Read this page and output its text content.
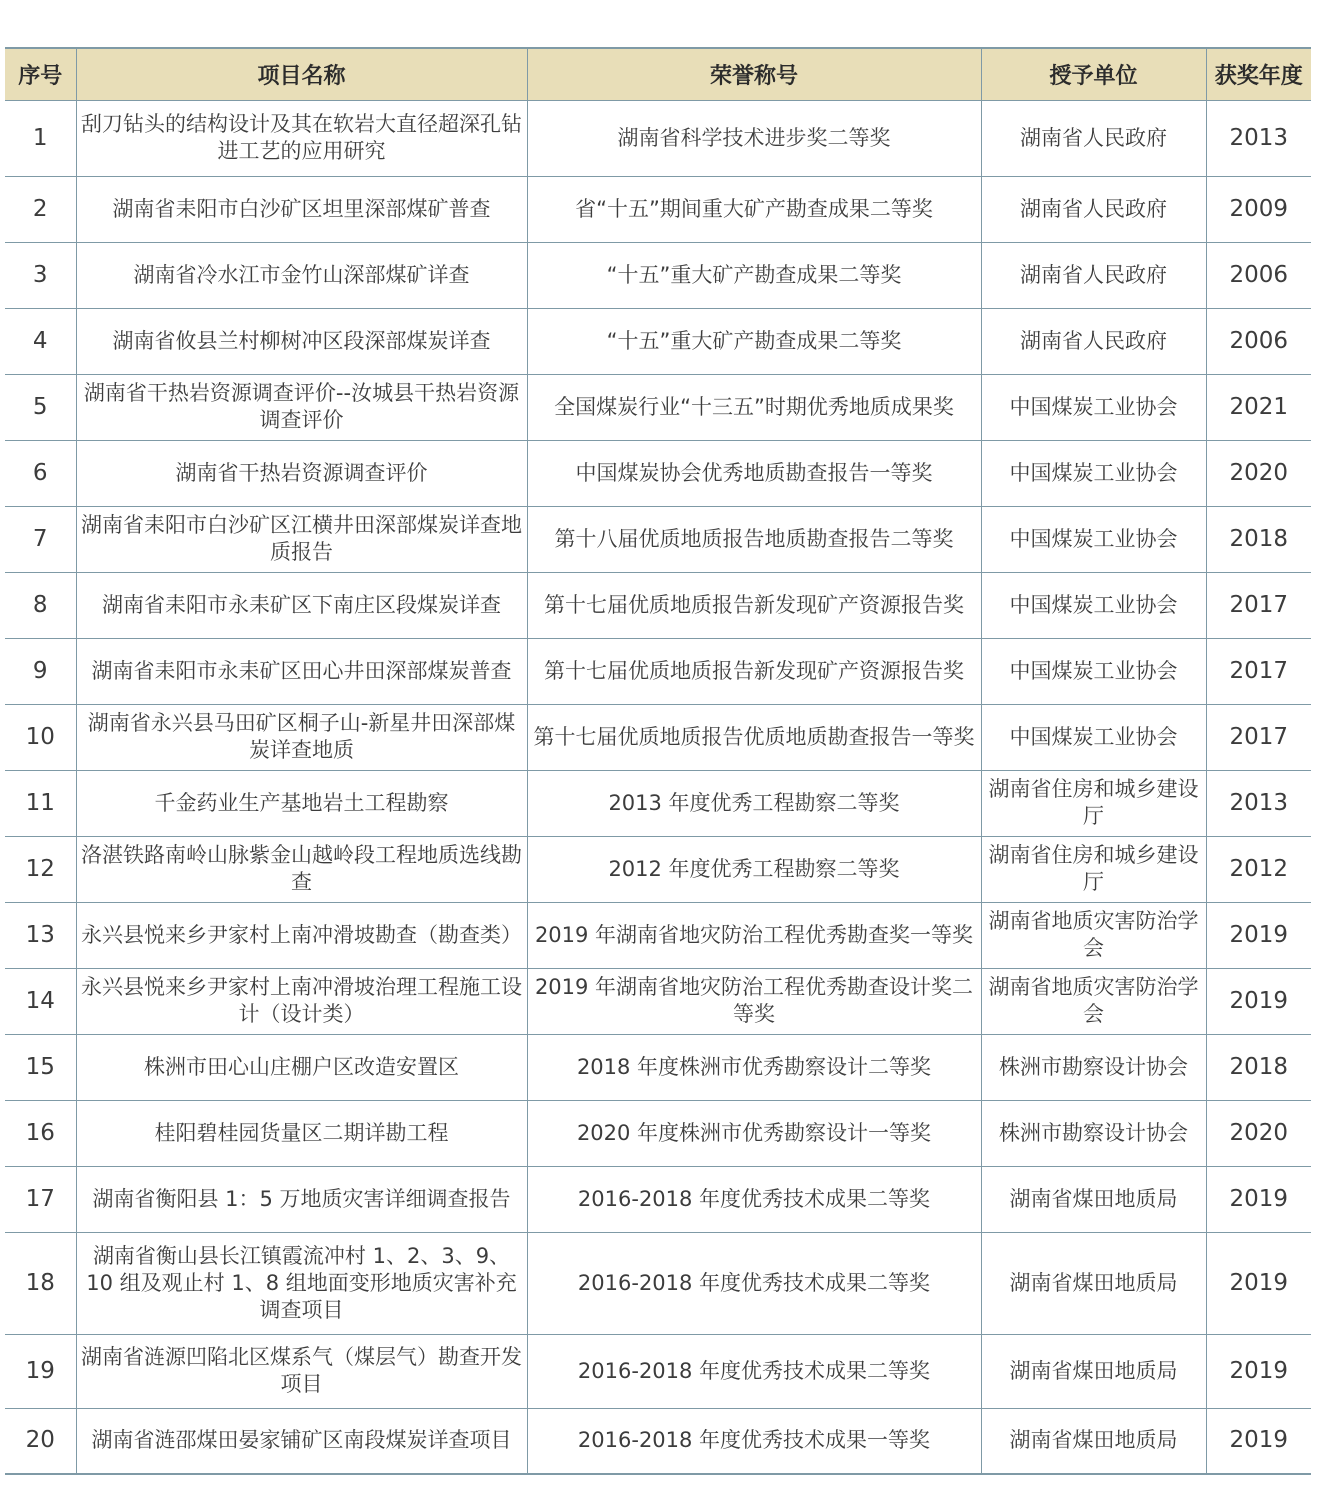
序号	项目名称	荣誉称号	授予单位	获奖年度
1	刮刀钻头的结构设计及其在软岩大直径超深孔钻进工艺的应用研究	湖南省科学技术进步奖二等奖	湖南省人民政府	2013
2	湖南省耒阳市白沙矿区坦里深部煤矿普查	省“十五”期间重大矿产勘查成果二等奖	湖南省人民政府	2009
3	湖南省冷水江市金竹山深部煤矿详查	“十五”重大矿产勘查成果二等奖	湖南省人民政府	2006
4	湖南省攸县兰村柳树冲区段深部煤炭详查	“十五”重大矿产勘查成果二等奖	湖南省人民政府	2006
5	湖南省干热岩资源调查评价--汝城县干热岩资源调查评价	全国煤炭行业“十三五”时期优秀地质成果奖	中国煤炭工业协会	2021
6	湖南省干热岩资源调查评价	中国煤炭协会优秀地质勘查报告一等奖	中国煤炭工业协会	2020
7	湖南省耒阳市白沙矿区江横井田深部煤炭详查地质报告	第十八届优质地质报告地质勘查报告二等奖	中国煤炭工业协会	2018
8	湖南省耒阳市永耒矿区下南庄区段煤炭详查	第十七届优质地质报告新发现矿产资源报告奖	中国煤炭工业协会	2017
9	湖南省耒阳市永耒矿区田心井田深部煤炭普查	第十七届优质地质报告新发现矿产资源报告奖	中国煤炭工业协会	2017
10	湖南省永兴县马田矿区桐子山-新星井田深部煤炭详查地质	第十七届优质地质报告优质地质勘查报告一等奖	中国煤炭工业协会	2017
11	千金药业生产基地岩土工程勘察	2013 年度优秀工程勘察二等奖	湖南省住房和城乡建设厅	2013
12	洛湛铁路南岭山脉紫金山越岭段工程地质选线勘查	2012 年度优秀工程勘察二等奖	湖南省住房和城乡建设厅	2012
13	永兴县悦来乡尹家村上南冲滑坡勘查（勘查类）	2019 年湖南省地灾防治工程优秀勘查奖一等奖	湖南省地质灾害防治学会	2019
14	永兴县悦来乡尹家村上南冲滑坡治理工程施工设计（设计类）	2019 年湖南省地灾防治工程优秀勘查设计奖二等奖	湖南省地质灾害防治学会	2019
15	株洲市田心山庄棚户区改造安置区	2018 年度株洲市优秀勘察设计二等奖	株洲市勘察设计协会	2018
16	桂阳碧桂园货量区二期详勘工程	2020 年度株洲市优秀勘察设计一等奖	株洲市勘察设计协会	2020
17	湖南省衡阳县 1：5 万地质灾害详细调查报告	2016-2018 年度优秀技术成果二等奖	湖南省煤田地质局	2019
18	湖南省衡山县长江镇霞流冲村 1、2、3、9、10 组及观止村 1、8 组地面变形地质灾害补充调查项目	2016-2018 年度优秀技术成果二等奖	湖南省煤田地质局	2019
19	湖南省涟源凹陷北区煤系气（煤层气）勘查开发项目	2016-2018 年度优秀技术成果二等奖	湖南省煤田地质局	2019
20	湖南省涟邵煤田晏家铺矿区南段煤炭详查项目	2016-2018 年度优秀技术成果一等奖	湖南省煤田地质局	2019
